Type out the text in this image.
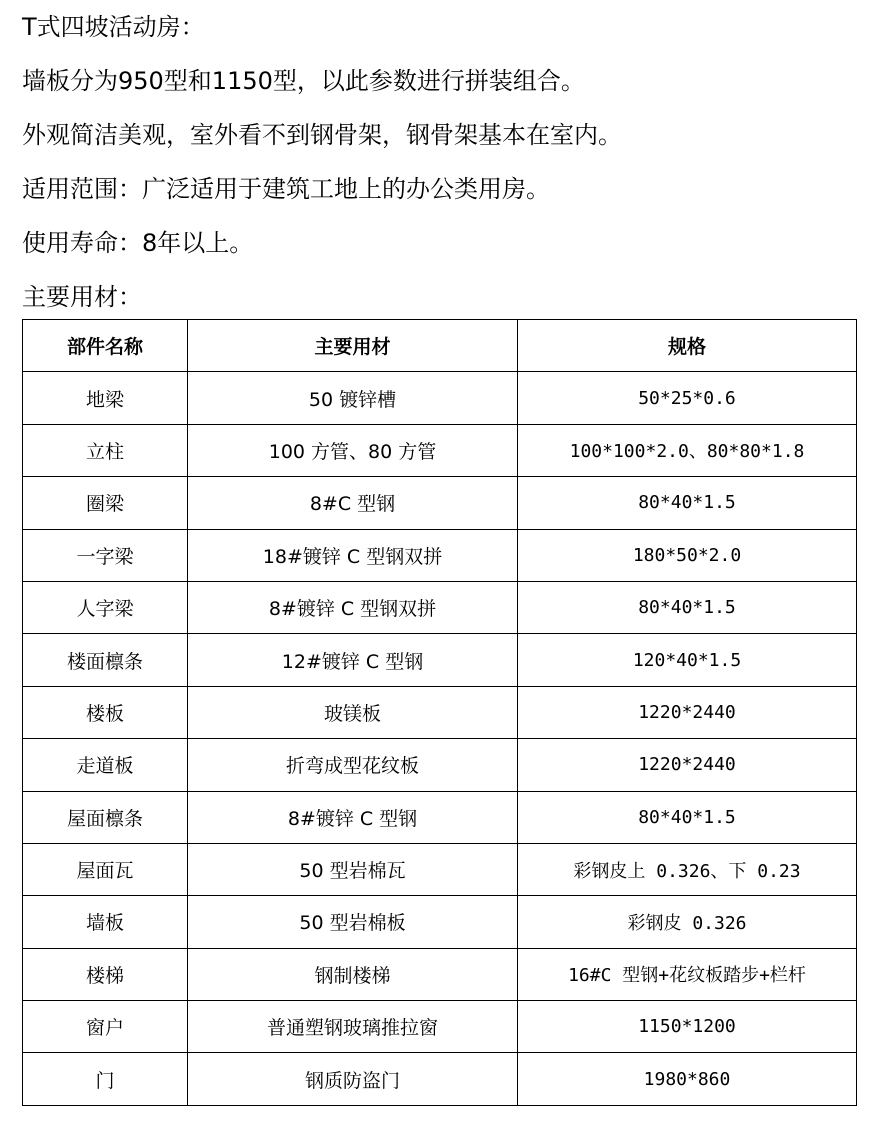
T式四坡活动房：
墙板分为950型和1150型，以此参数进行拼装组合。
外观简洁美观，室外看不到钢骨架，钢骨架基本在室内。
适用范围：广泛适用于建筑工地上的办公类用房。
使用寿命：8年以上。
主要用材：
部件名称	主要用材	规格
地梁	50 镀锌槽	50*25*0.6
立柱	100 方管、80 方管	100*100*2.0、80*80*1.8
圈梁	8#C 型钢	80*40*1.5
一字梁	18#镀锌 C 型钢双拼	180*50*2.0
人字梁	8#镀锌 C 型钢双拼	80*40*1.5
楼面檩条	12#镀锌 C 型钢	120*40*1.5
楼板	玻镁板	1220*2440
走道板	折弯成型花纹板	1220*2440
屋面檩条	8#镀锌 C 型钢	80*40*1.5
屋面瓦	50 型岩棉瓦	彩钢皮上 0.326、下 0.23
墙板	50 型岩棉板	彩钢皮 0.326
楼梯	钢制楼梯	16#C 型钢+花纹板踏步+栏杆
窗户	普通塑钢玻璃推拉窗	1150*1200
门	钢质防盗门	1980*860
